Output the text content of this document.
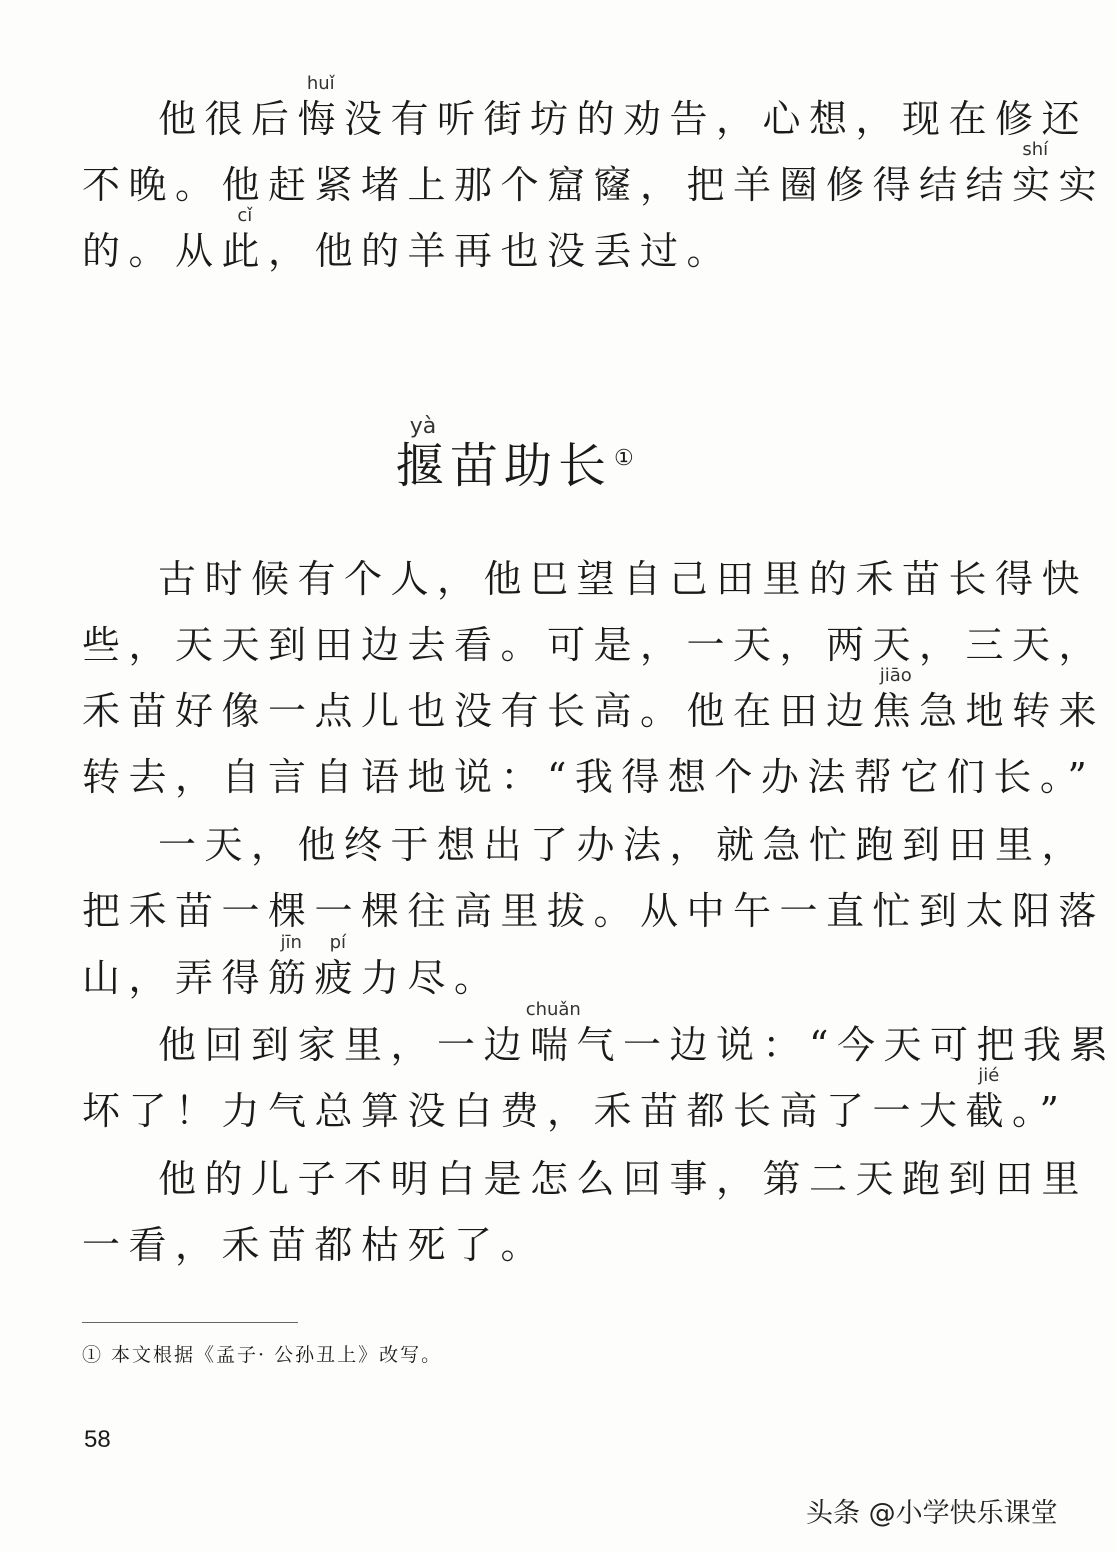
他很后
huǐ
悔没有听街坊的劝告，心想，现在修还
不晚。他赶紧堵上那个窟窿，把羊圈修得结结
shí
实实
的。从
cǐ
此，他的羊再也没丢过。
yà
揠苗助长①
古时候有个人，他巴望自己田里的禾苗长得快
些，天天到田边去看。可是，一天，两天，三天，
禾苗好像一点儿也没有长高。他在田边
jiāo
焦急地转来
转去，自言自语地说：“我得想个办法帮它们长。”
一天，他终于想出了办法，就急忙跑到田里，
把禾苗一棵一棵往高里拔。从中午一直忙到太阳落
山，弄得
jīn
筋
pí
疲力尽。
他回到家里，一边
chuǎn
喘气一边说：“今天可把我累
坏了！力气总算没白费，禾苗都长高了一大
jié
截。”
他的儿子不明白是怎么回事，第二天跑到田里
一看，禾苗都枯死了。
① 本文根据《孟子· 公孙丑上》改写。
58
头条 @小学快乐课堂
